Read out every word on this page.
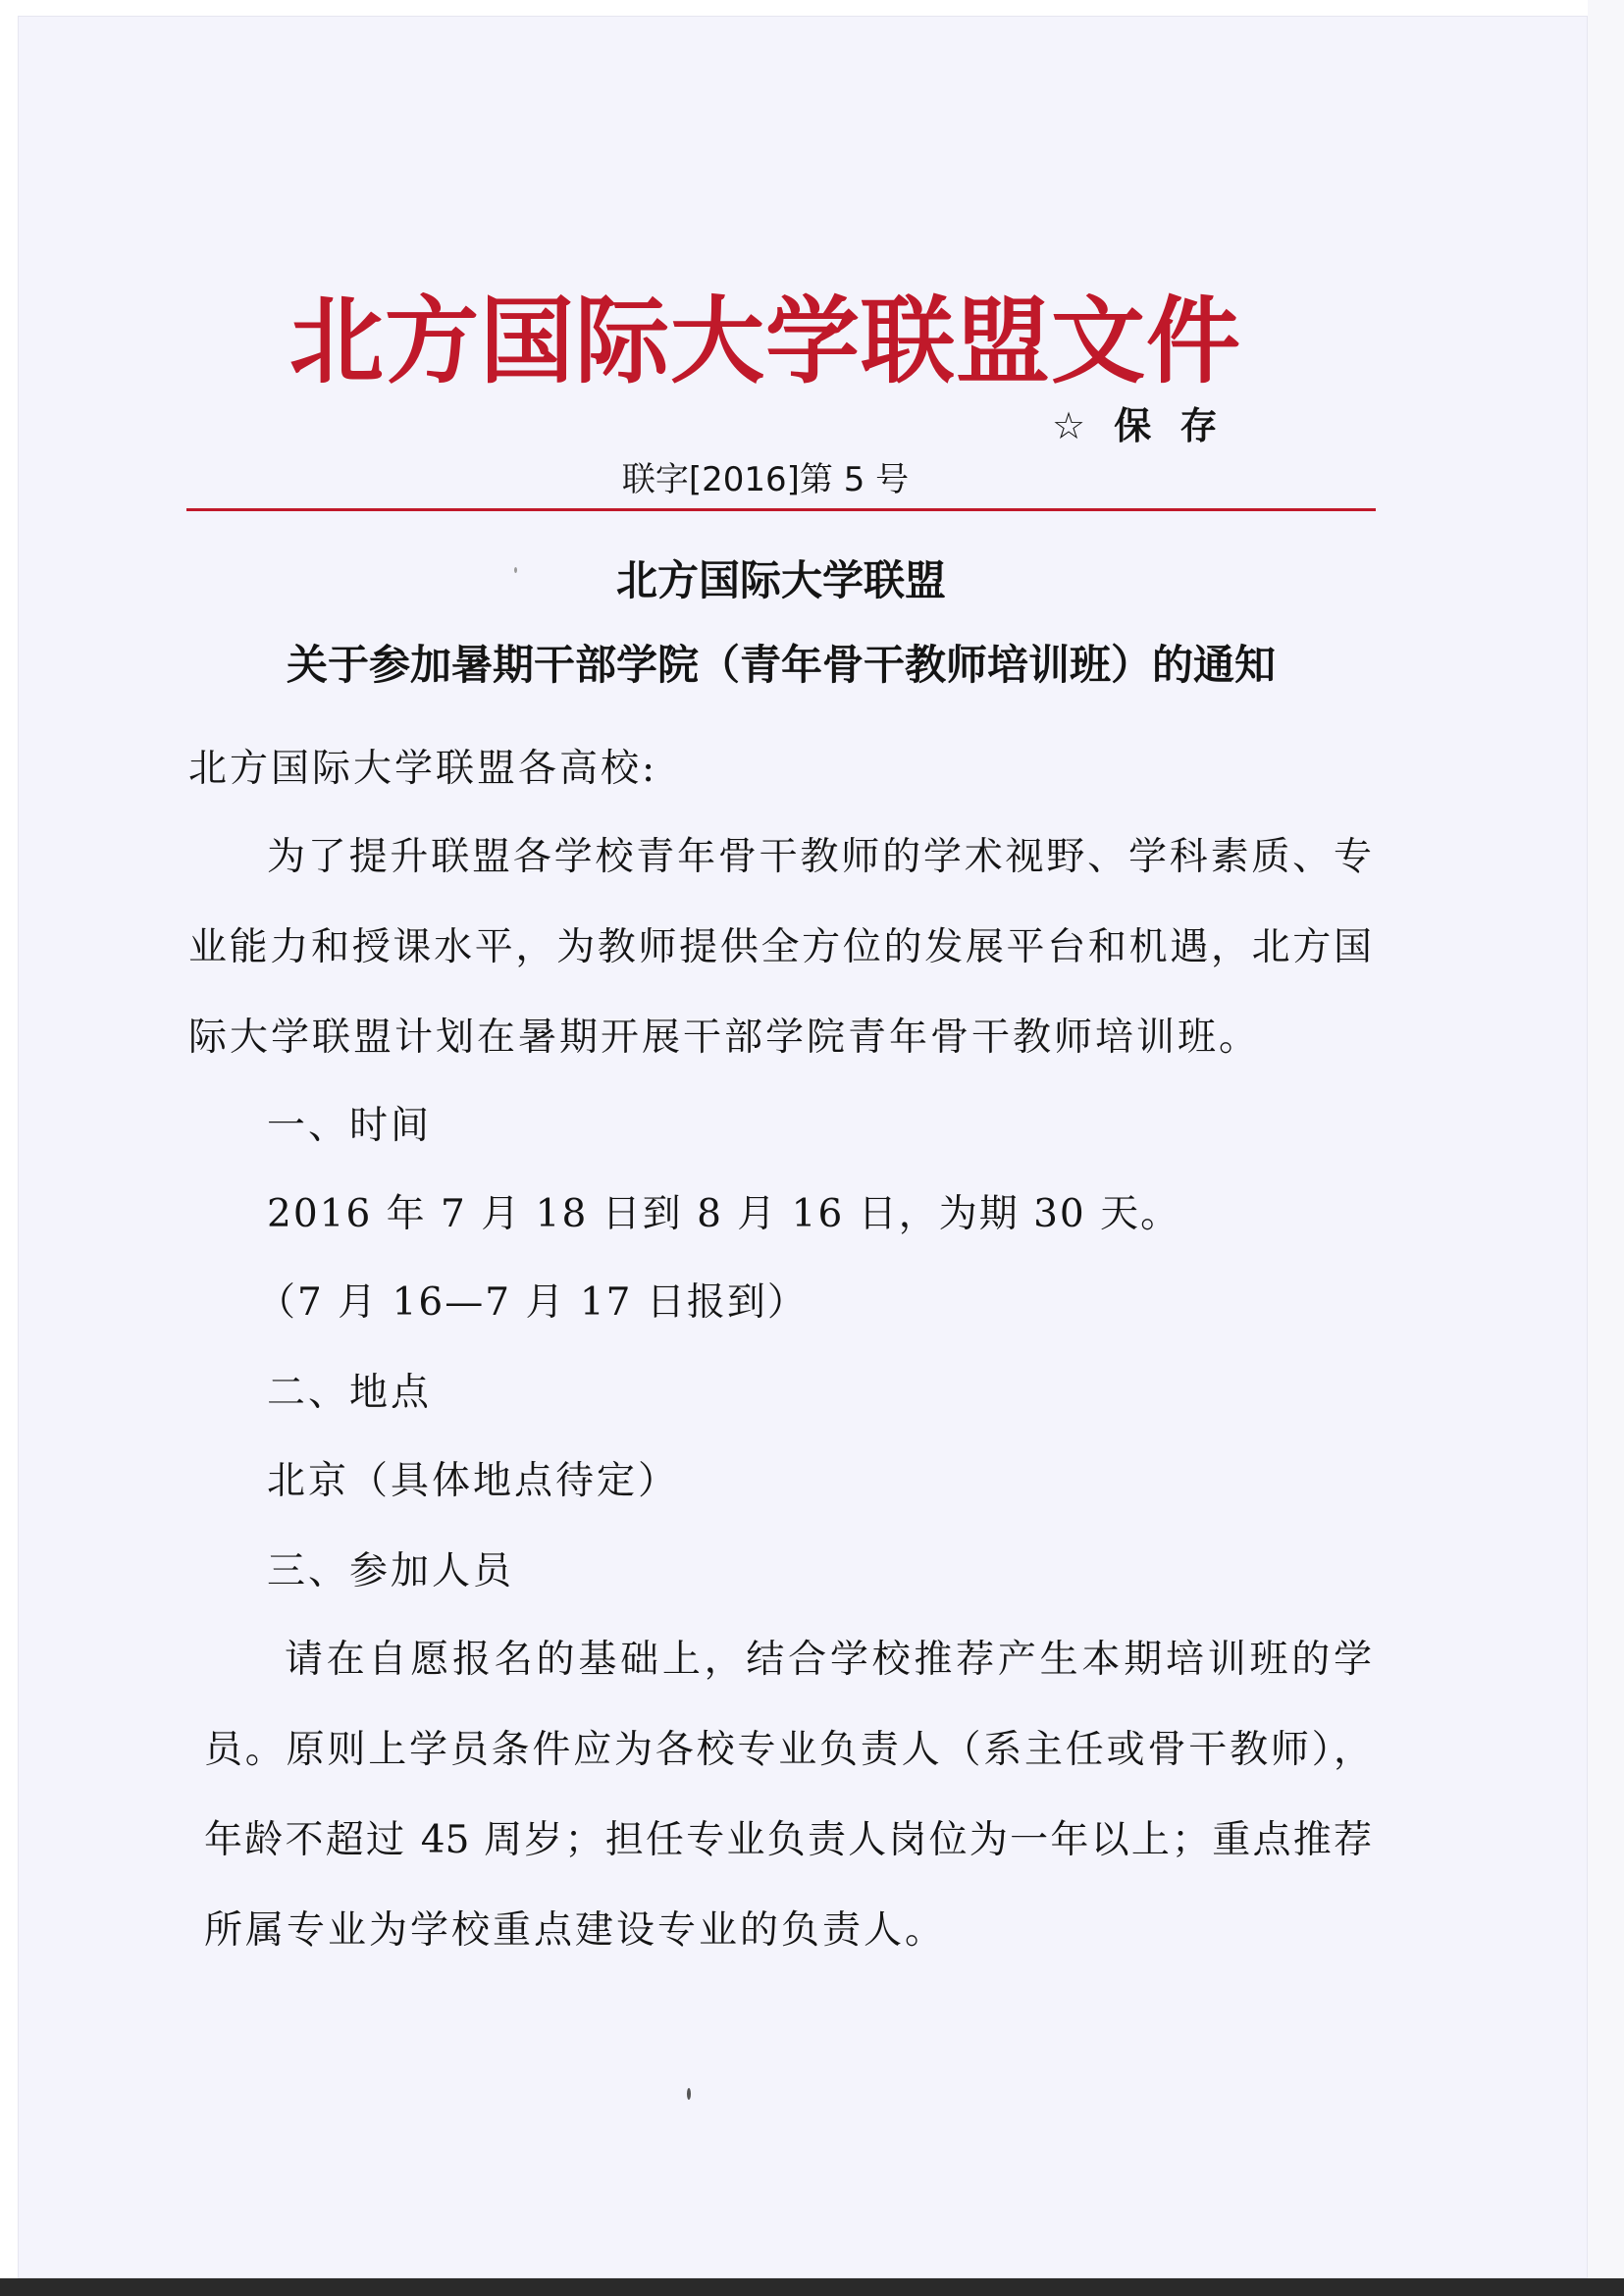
北方国际大学联盟文件
☆ 保 存
联字[2016]第 5 号
北方国际大学联盟
关于参加暑期干部学院（青年骨干教师培训班）的通知
北方国际大学联盟各高校:
为了提升联盟各学校青年骨干教师的学术视野、学科素质、专
业能力和授课水平，为教师提供全方位的发展平台和机遇，北方国
际大学联盟计划在暑期开展干部学院青年骨干教师培训班。
一、时间
2016 年 7 月 18 日到 8 月 16 日，为期 30 天。
（7 月 16—7 月 17 日报到）
二、地点
北京（具体地点待定）
三、参加人员
请在自愿报名的基础上，结合学校推荐产生本期培训班的学
员。原则上学员条件应为各校专业负责人（系主任或骨干教师），
年龄不超过 45 周岁；担任专业负责人岗位为一年以上；重点推荐
所属专业为学校重点建设专业的负责人。
